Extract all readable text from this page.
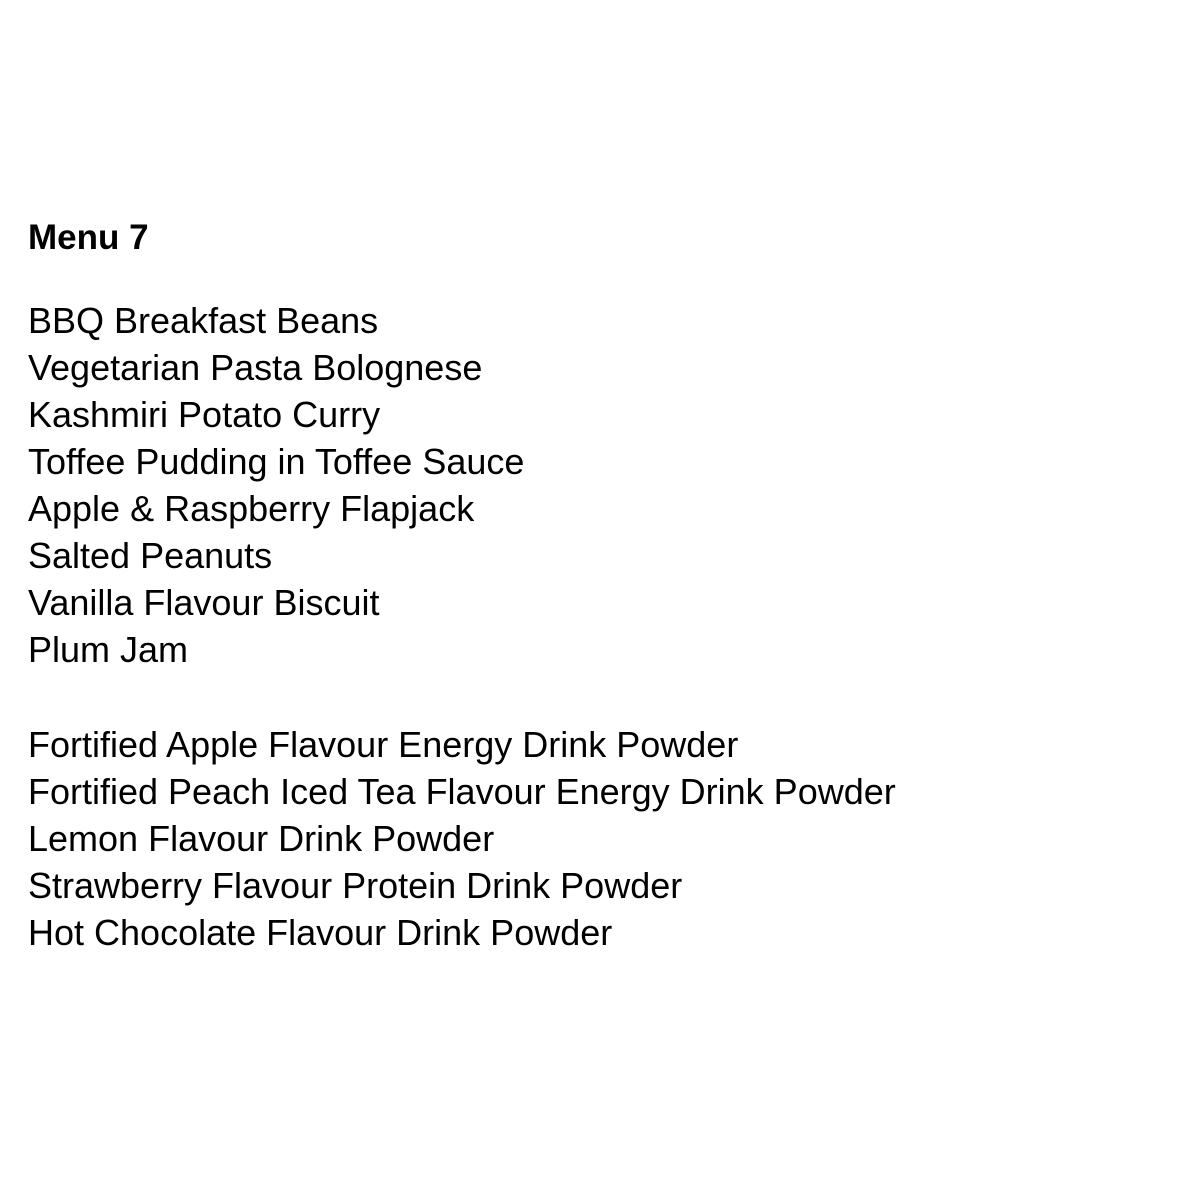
Menu 7
BBQ Breakfast Beans
Vegetarian Pasta Bolognese
Kashmiri Potato Curry
Toffee Pudding in Toffee Sauce
Apple & Raspberry Flapjack
Salted Peanuts
Vanilla Flavour Biscuit
Plum Jam
Fortified Apple Flavour Energy Drink Powder
Fortified Peach Iced Tea Flavour Energy Drink Powder
Lemon Flavour Drink Powder
Strawberry Flavour Protein Drink Powder
Hot Chocolate Flavour Drink Powder
